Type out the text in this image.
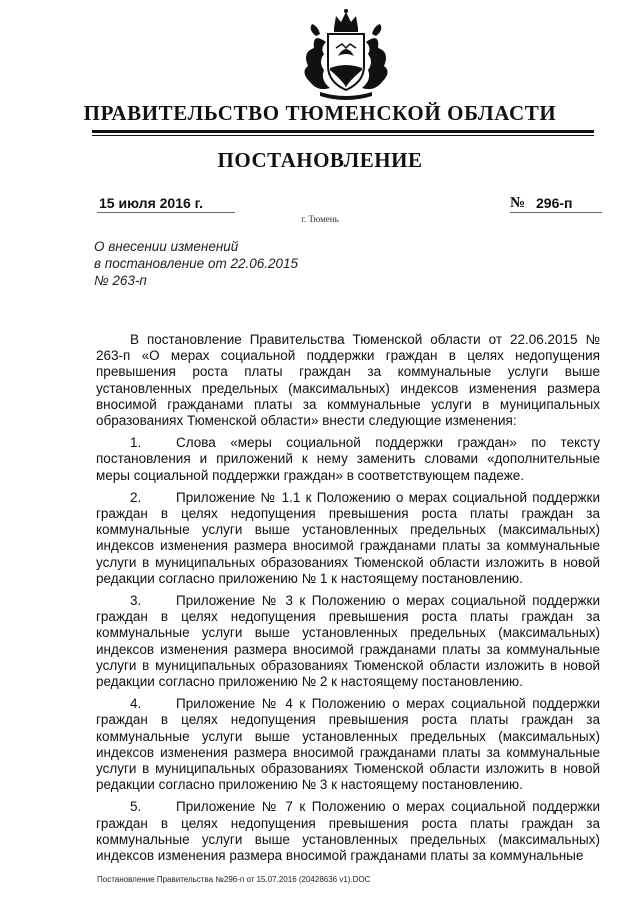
ПРАВИТЕЛЬСТВО ТЮМЕНСКОЙ ОБЛАСТИ
ПОСТАНОВЛЕНИЕ
15 июля 2016 г.	№ 296-п
г. Тюмень
О внесении изменений
в постановление от 22.06.2015
№ 263-п

В постановление Правительства Тюменской области от 22.06.2015 № 263-п «О мерах социальной поддержки граждан в целях недопущения превышения роста платы граждан за коммунальные услуги выше установленных предельных (максимальных) индексов изменения размера вносимой гражданами платы за коммунальные услуги в муниципальных образованиях Тюменской области» внести следующие изменения:

1.	Слова «меры социальной поддержки граждан» по тексту постановления и приложений к нему заменить словами «дополнительные меры социальной поддержки граждан» в соответствующем падеже.

2.	Приложение № 1.1 к Положению о мерах социальной поддержки граждан в целях недопущения превышения роста платы граждан за коммунальные услуги выше установленных предельных (максимальных) индексов изменения размера вносимой гражданами платы за коммунальные услуги в муниципальных образованиях Тюменской области изложить в новой редакции согласно приложению № 1 к настоящему постановлению.

3.	Приложение № 3 к Положению о мерах социальной поддержки граждан в целях недопущения превышения роста платы граждан за коммунальные услуги выше установленных предельных (максимальных) индексов изменения размера вносимой гражданами платы за коммунальные услуги в муниципальных образованиях Тюменской области изложить в новой редакции согласно приложению № 2 к настоящему постановлению.

4.	Приложение № 4 к Положению о мерах социальной поддержки граждан в целях недопущения превышения роста платы граждан за коммунальные услуги выше установленных предельных (максимальных) индексов изменения размера вносимой гражданами платы за коммунальные услуги в муниципальных образованиях Тюменской области изложить в новой редакции согласно приложению № 3 к настоящему постановлению.

5.	Приложение № 7 к Положению о мерах социальной поддержки граждан в целях недопущения превышения роста платы граждан за коммунальные услуги выше установленных предельных (максимальных) индексов изменения размера вносимой гражданами платы за коммунальные

Постановление Правительства №296-п от 15.07.2016 (20428636 v1).DOC
